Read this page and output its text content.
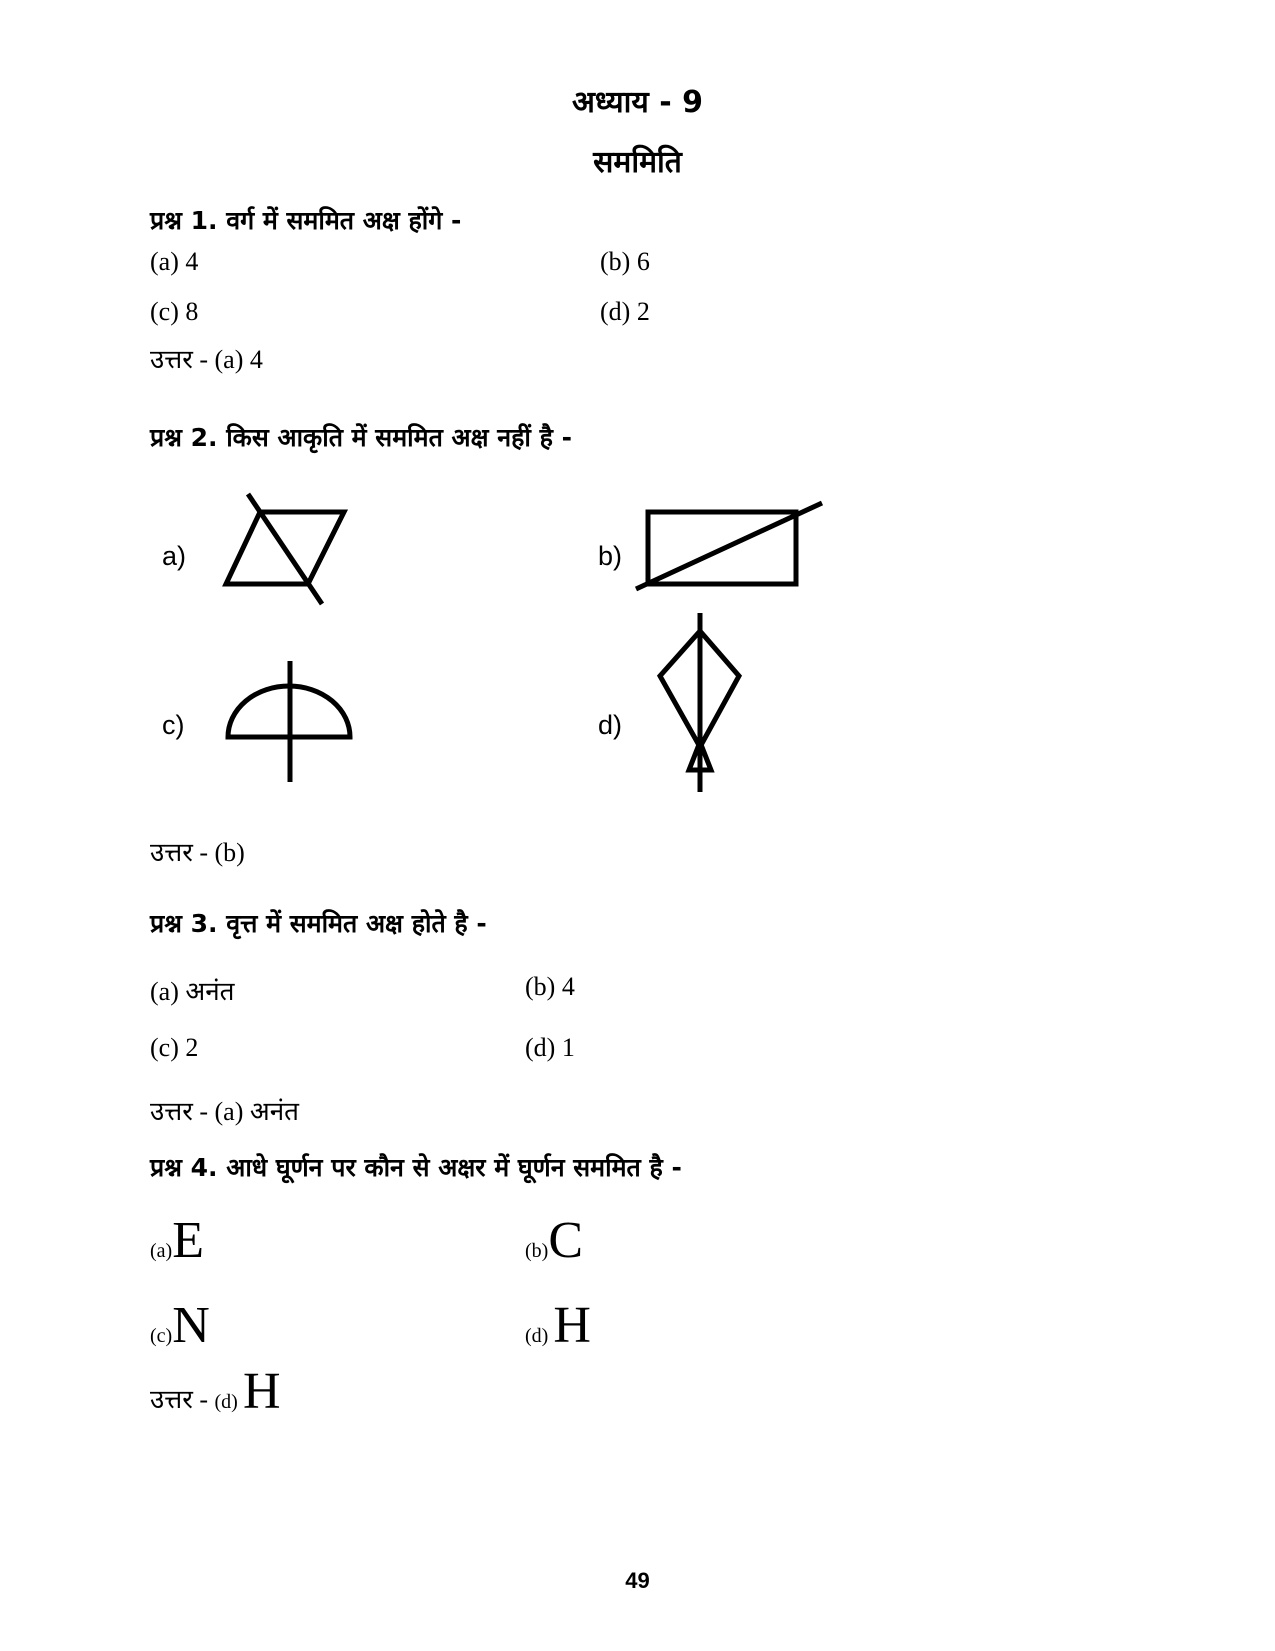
अध्याय - 9
सममिति
प्रश्न 1. वर्ग में सममित अक्ष होंगे -
(a) 4	(b) 6
(c) 8	(d) 2
उत्तर - (a) 4
प्रश्न 2. किस आकृति में सममित अक्ष नहीं है -
a)	b)
c)	d)
उत्तर - (b)
प्रश्न 3. वृत्त में सममित अक्ष होते है -
(a) अनंत	(b) 4
(c) 2	(d) 1
उत्तर - (a) अनंत
प्रश्न 4. आधे घूर्णन पर कौन से अक्षर में घूर्णन सममित है -
(a)E	(b)C
(c)N	(d) H
उत्तर - (d) H
49
